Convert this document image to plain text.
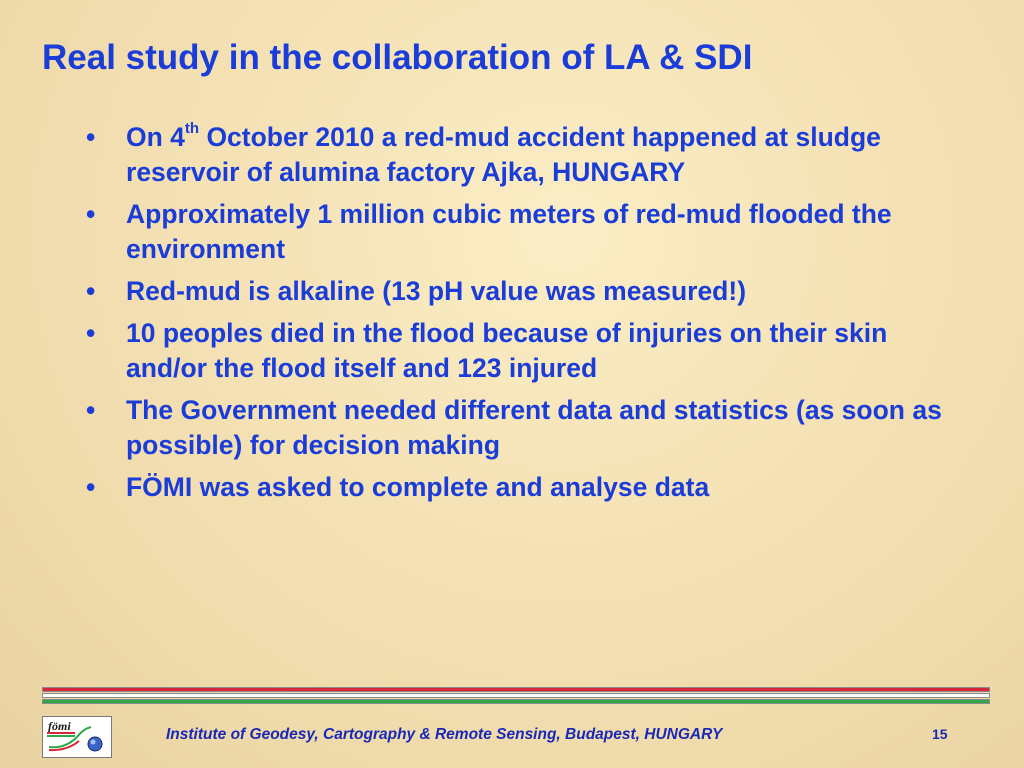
Real study in the collaboration of LA & SDI
• On 4th October 2010 a red-mud accident happened at sludge reservoir of alumina factory Ajka, HUNGARY
• Approximately 1 million cubic meters of red-mud flooded the environment
• Red-mud is alkaline (13 pH value was measured!)
• 10 peoples died in the flood because of injuries on their skin and/or the flood itself and 123 injured
• The Government needed different data and statistics (as soon as possible) for decision making
• FÖMI was asked to complete and analyse data
fömi	Institute of Geodesy, Cartography & Remote Sensing, Budapest, HUNGARY	15
